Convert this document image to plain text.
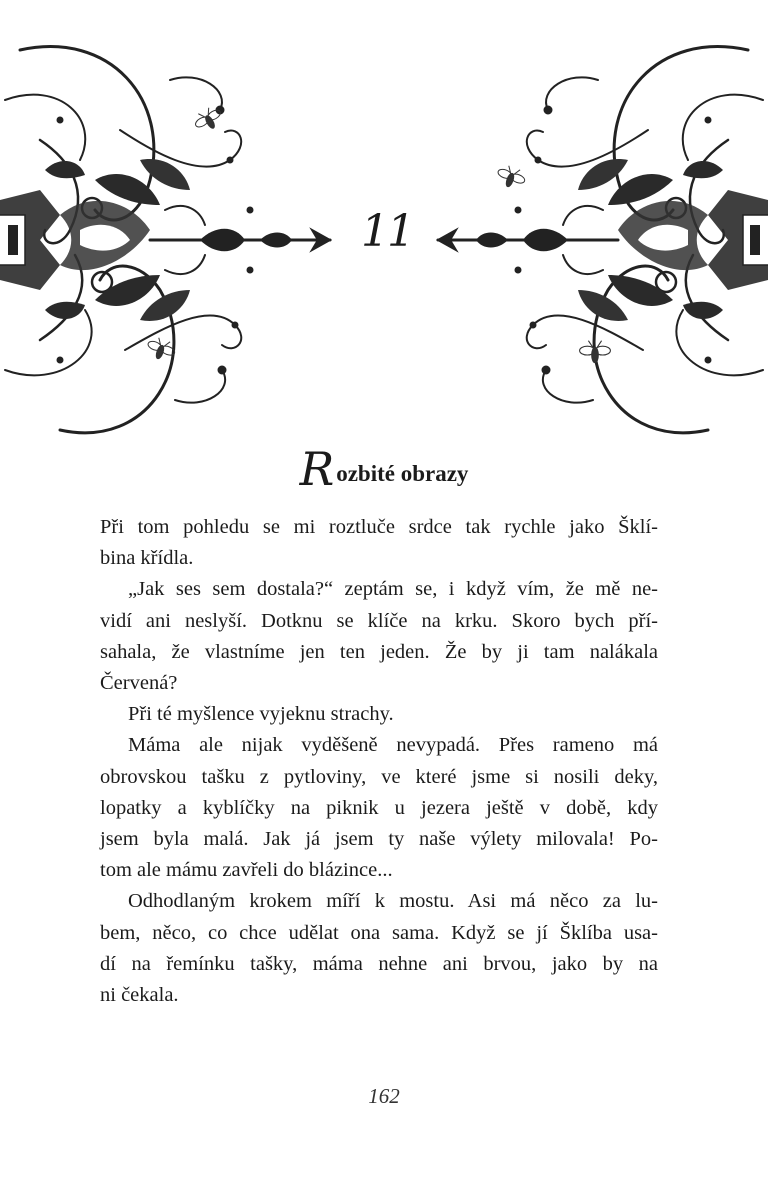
11
Rozbité obrazy

Při tom pohledu se mi roztluče srdce tak rychle jako Šklí-

bina křídla.

„Jak ses sem dostala?“ zeptám se, i když vím, že mě ne-

vidí ani neslyší. Dotknu se klíče na krku. Skoro bych pří-

sahala, že vlastníme jen ten jeden. Že by ji tam nalákala

Červená?

Při té myšlence vyjeknu strachy.

Máma ale nijak vyděšeně nevypadá. Přes rameno má

obrovskou tašku z pytloviny, ve které jsme si nosili deky,

lopatky a kyblíčky na piknik u jezera ještě v době, kdy

jsem byla malá. Jak já jsem ty naše výlety milovala! Po-

tom ale mámu zavřeli do blázince...

Odhodlaným krokem míří k mostu. Asi má něco za lu-

bem, něco, co chce udělat ona sama. Když se jí Šklíba usa-

dí na řemínku tašky, máma nehne ani brvou, jako by na

ni čekala.

162
